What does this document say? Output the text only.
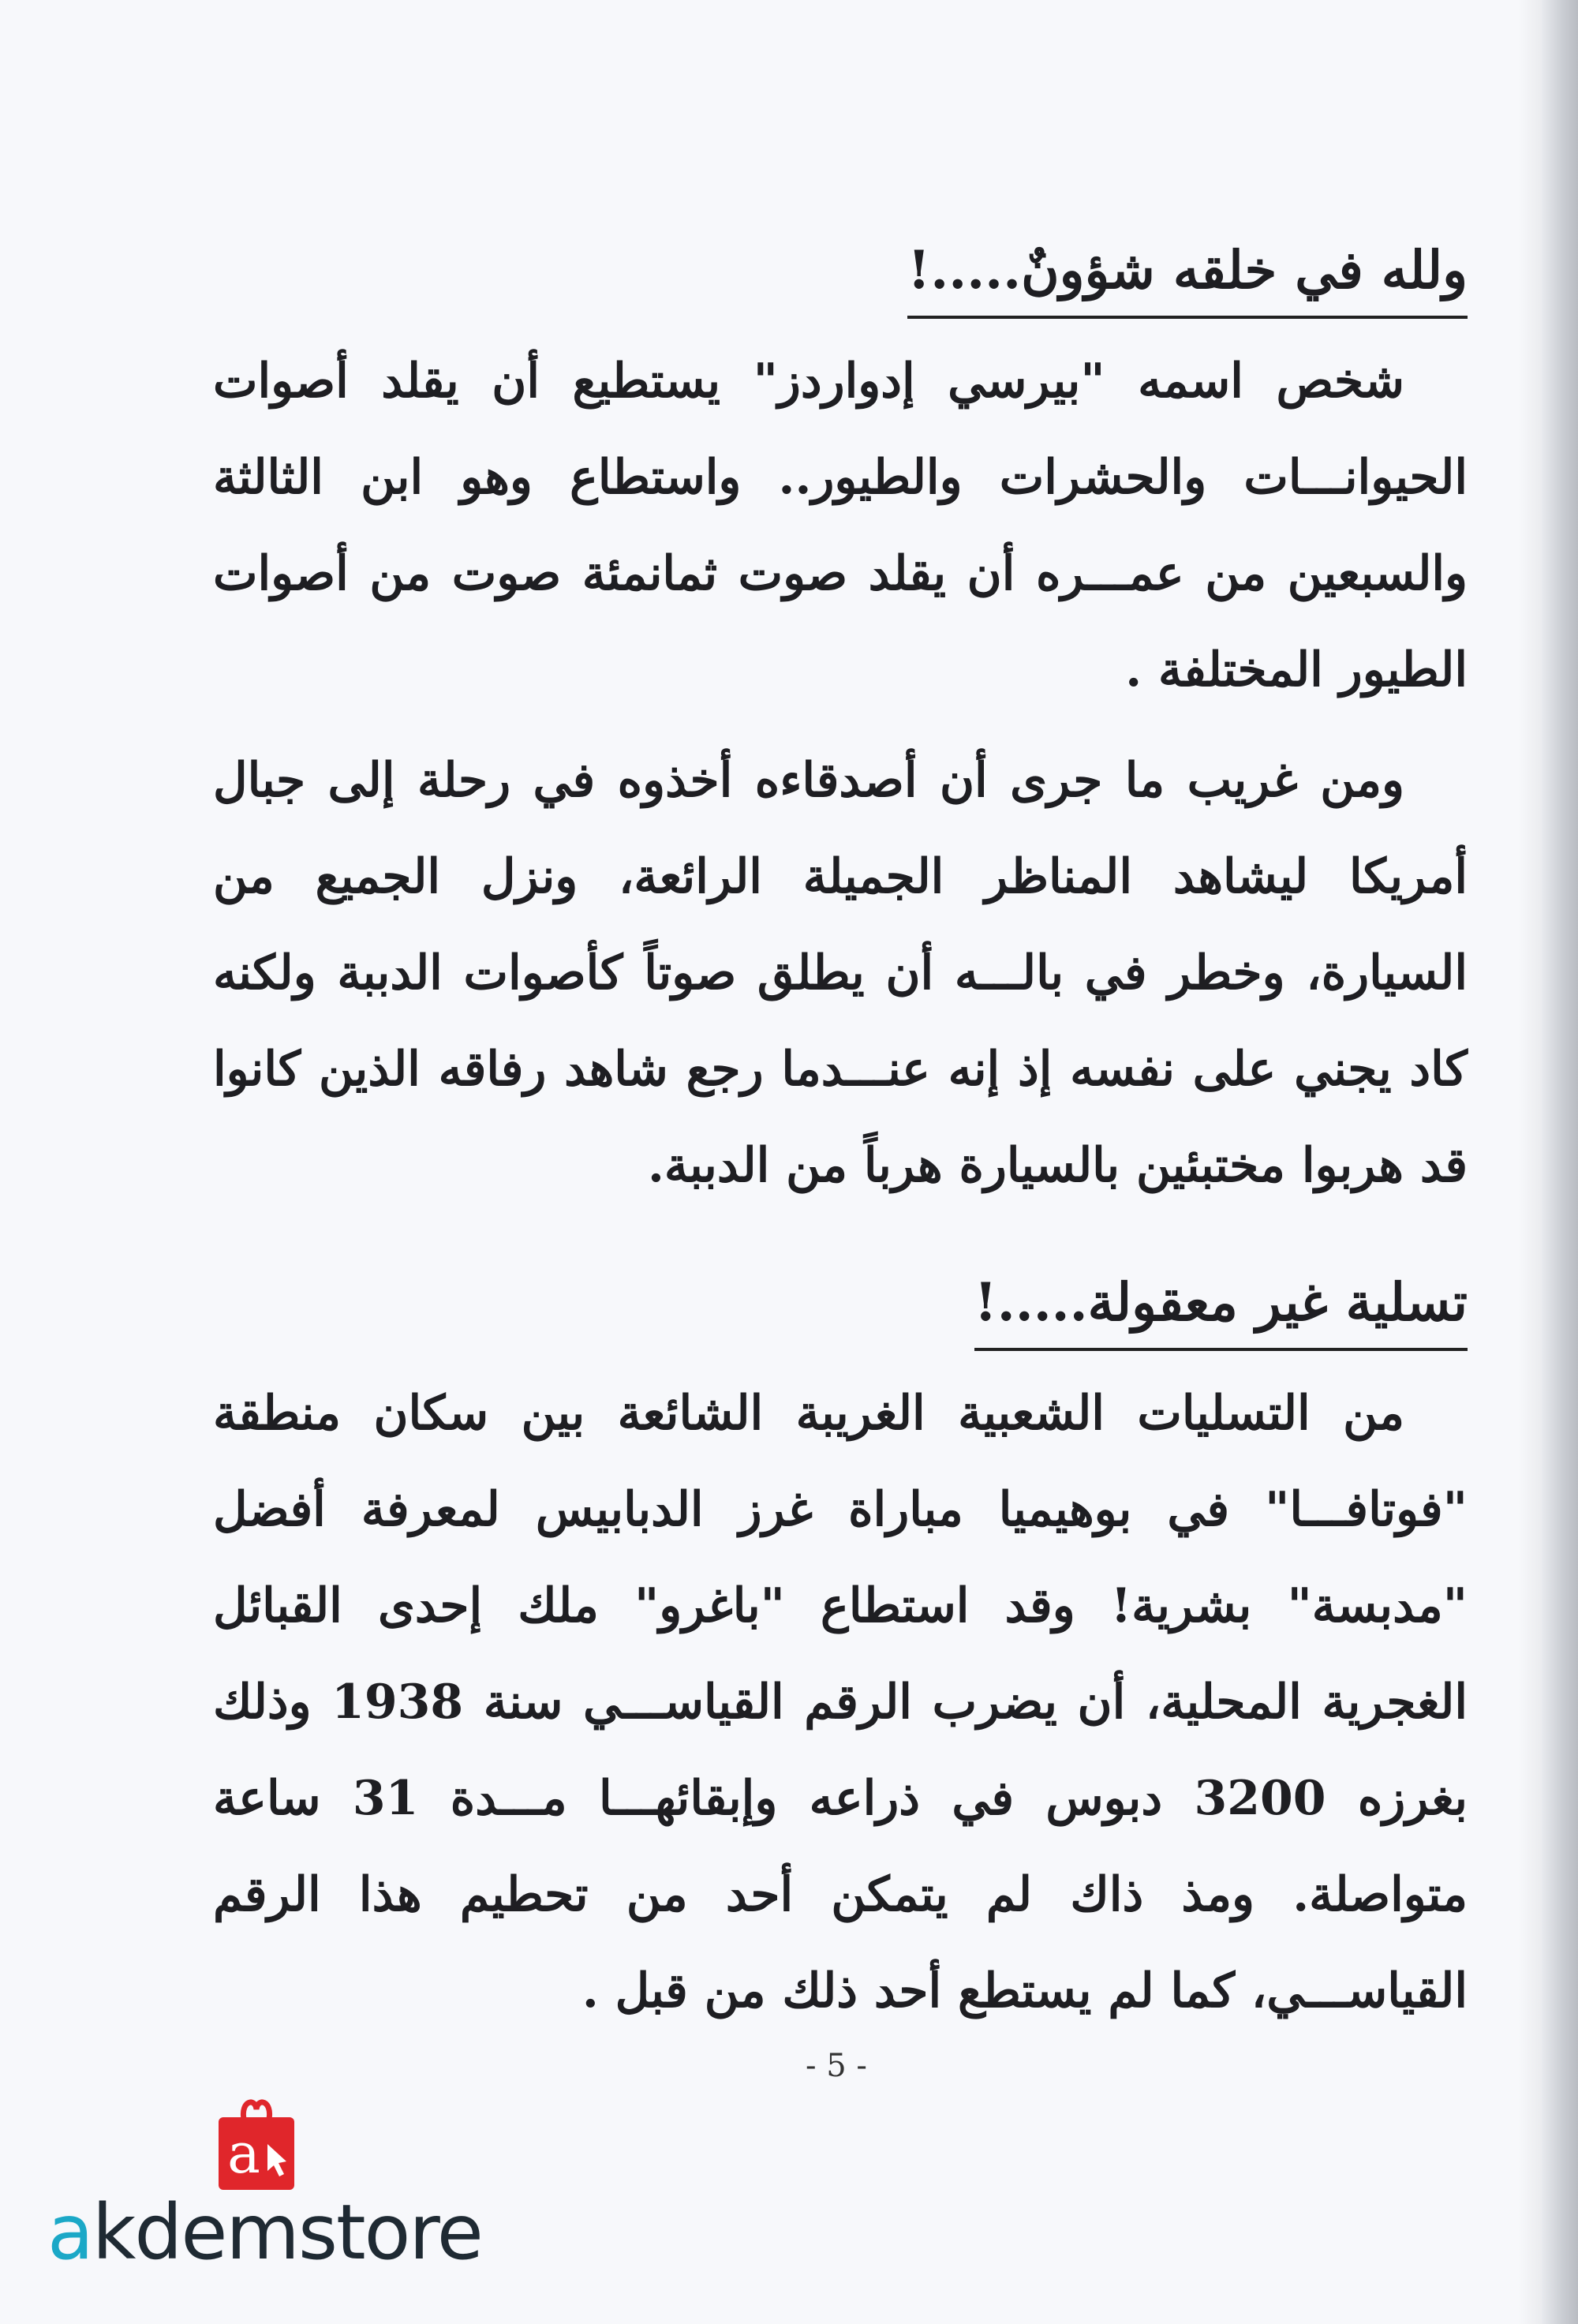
ولله في خلقه شؤونٌ.....!

شخص اسمه "بيرسي إدواردز" يستطيع أن يقلد أصوات الحيوانـــات والحشرات والطيور.. واستطاع وهو ابن الثالثة والسبعين من عمـــره أن يقلد صوت ثمانمئة صوت من أصوات الطيور المختلفة .

ومن غريب ما جرى أن أصدقاءه أخذوه في رحلة إلى جبال أمريكا ليشاهد المناظر الجميلة الرائعة، ونزل الجميع من السيارة، وخطر في بالـــه أن يطلق صوتاً كأصوات الدببة ولكنه كاد يجني على نفسه إذ إنه عنـــدما رجع شاهد رفاقه الذين كانوا قد هربوا مختبئين بالسيارة هرباً من الدببة.

تسلية غير معقولة.....!

من التسليات الشعبية الغريبة الشائعة بين سكان منطقة "فوتافـــا" في بوهيميا مباراة غرز الدبابيس لمعرفة أفضل "مدبسة" بشرية! وقد استطاع "باغرو" ملك إحدى القبائل الغجرية المحلية، أن يضرب الرقم القياســـي سنة 1938 وذلك بغرزه 3200 دبوس في ذراعه وإبقائهـــا مـــدة 31 ساعة متواصلة. ومذ ذاك لم يتمكن أحد من تحطيم هذا الرقم القياســـي، كما لم يستطع أحد ذلك من قبل .

- 5 -
a
akdemstore
